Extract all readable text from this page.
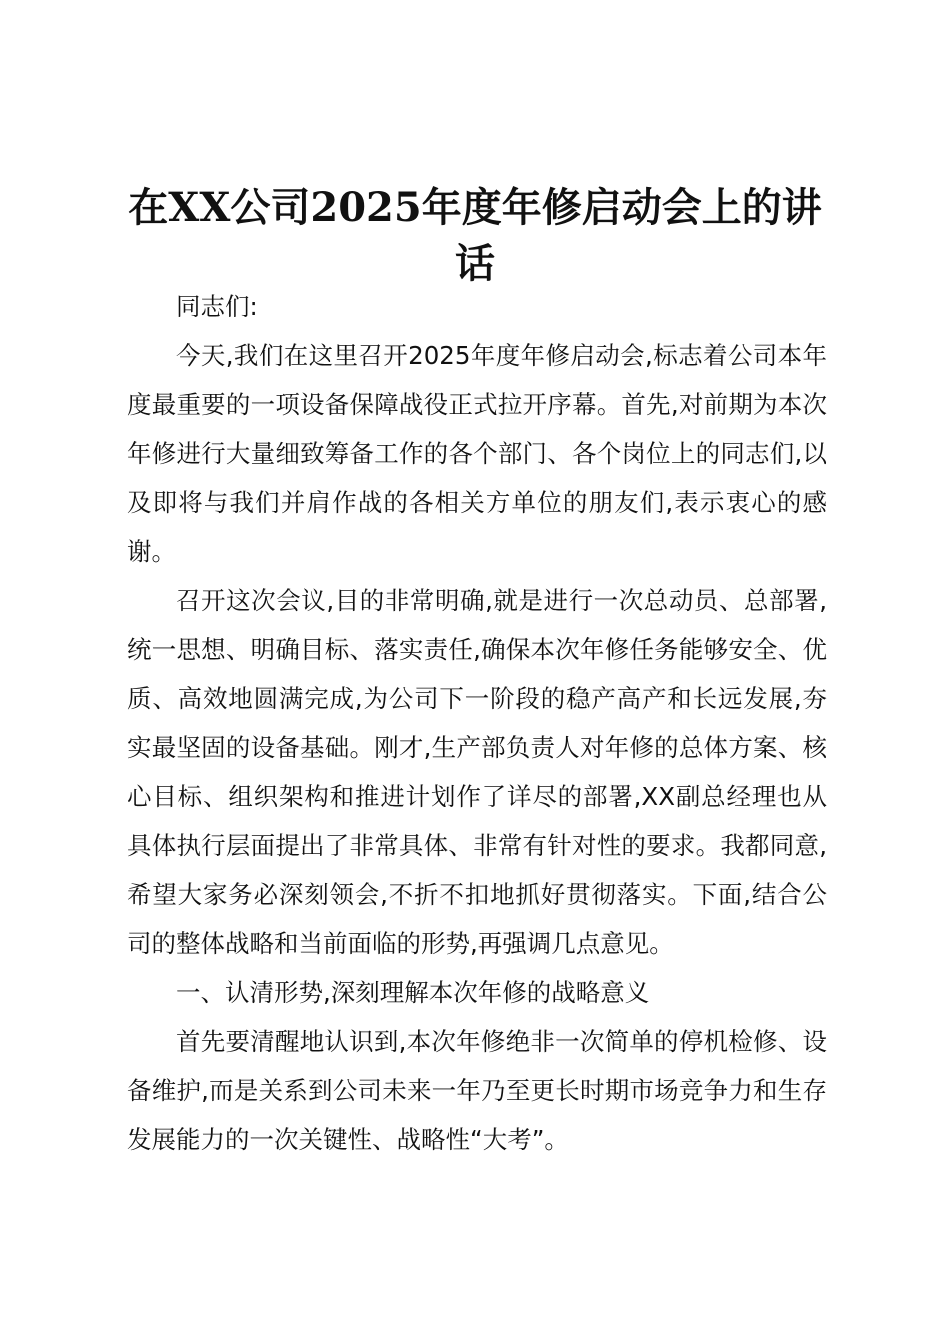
在XX公司2025年度年修启动会上的讲话

同志们:

今天,我们在这里召开2025年度年修启动会,标志着公司本年度最重要的一项设备保障战役正式拉开序幕。首先,对前期为本次年修进行大量细致筹备工作的各个部门、各个岗位上的同志们,以及即将与我们并肩作战的各相关方单位的朋友们,表示衷心的感谢。

召开这次会议,目的非常明确,就是进行一次总动员、总部署,统一思想、明确目标、落实责任,确保本次年修任务能够安全、优质、高效地圆满完成,为公司下一阶段的稳产高产和长远发展,夯实最坚固的设备基础。刚才,生产部负责人对年修的总体方案、核心目标、组织架构和推进计划作了详尽的部署,XX副总经理也从具体执行层面提出了非常具体、非常有针对性的要求。我都同意,希望大家务必深刻领会,不折不扣地抓好贯彻落实。下面,结合公司的整体战略和当前面临的形势,再强调几点意见。

一、认清形势,深刻理解本次年修的战略意义

首先要清醒地认识到,本次年修绝非一次简单的停机检修、设备维护,而是关系到公司未来一年乃至更长时期市场竞争力和生存发展能力的一次关键性、战略性“大考”。
